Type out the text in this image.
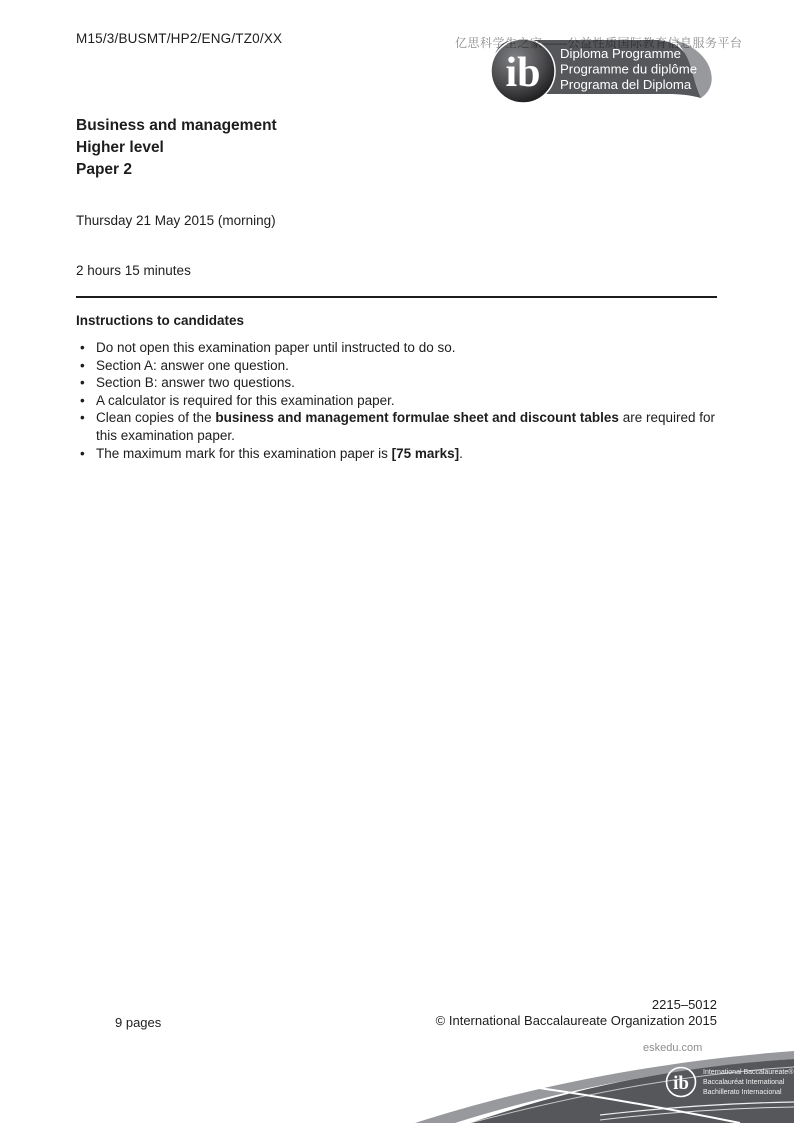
M15/3/BUSMT/HP2/ENG/TZ0/XX	亿思科学生之家——公益性质国际教育信息服务平台
ib Diploma Programme
Programme du diplôme
Programa del Diploma
Business and management
Higher level
Paper 2
Thursday 21 May 2015 (morning)
2 hours 15 minutes

Instructions to candidates

• Do not open this examination paper until instructed to do so.
• Section A: answer one question.
• Section B: answer two questions.
• A calculator is required for this examination paper.
• Clean copies of the business and management formulae sheet and discount tables are required for this examination paper.
• The maximum mark for this examination paper is [75 marks].
9 pages
2215–5012
© International Baccalaureate Organization 2015
eskedu.com
ib
International Baccalaureate®
Baccalauréat International
Bachillerato Internacional
